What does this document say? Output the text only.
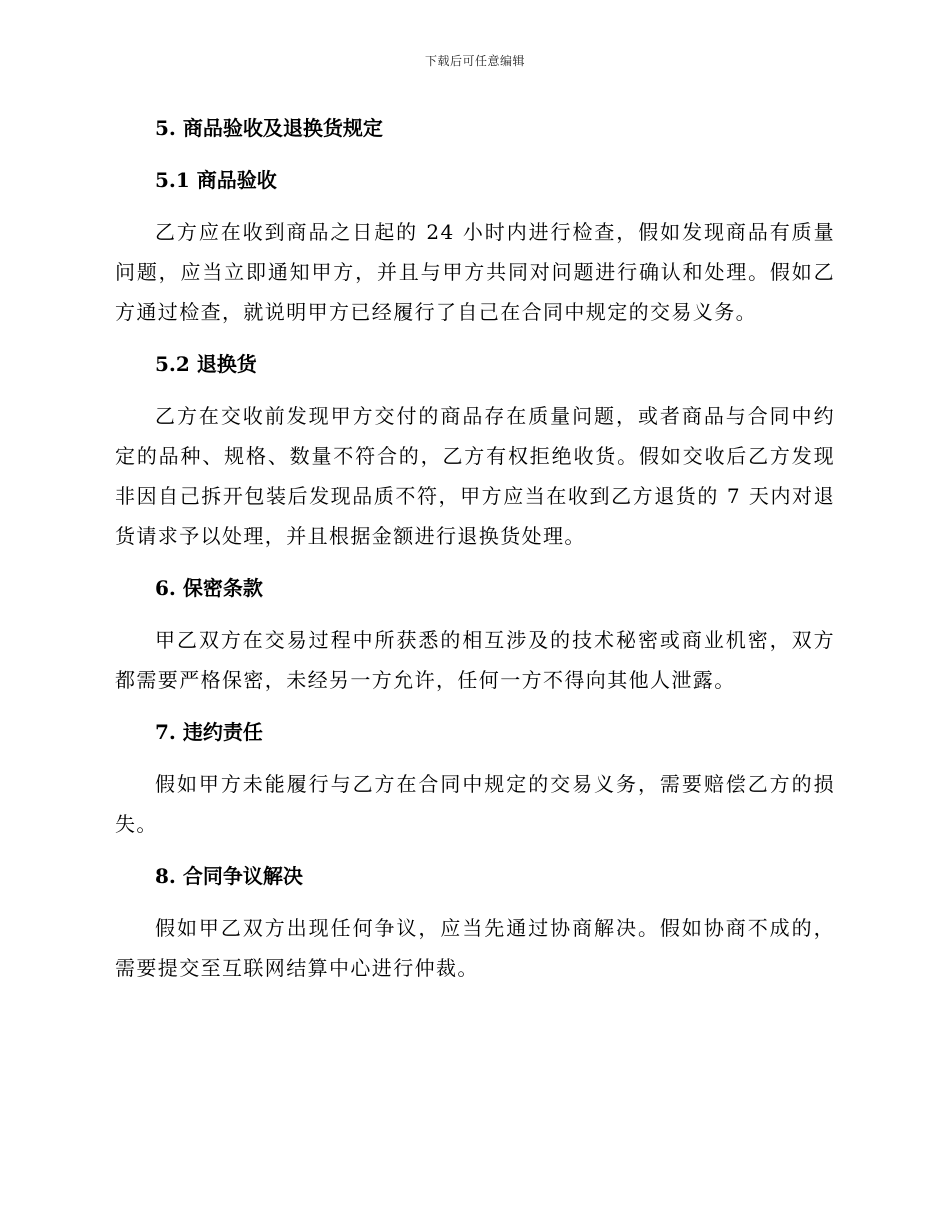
下载后可任意编辑
5. 商品验收及退换货规定
5.1 商品验收

乙方应在收到商品之日起的 24 小时内进行检查，假如发现商品有质量问题，应当立即通知甲方，并且与甲方共同对问题进行确认和处理。假如乙方通过检查，就说明甲方已经履行了自己在合同中规定的交易义务。

5.2 退换货

乙方在交收前发现甲方交付的商品存在质量问题，或者商品与合同中约定的品种、规格、数量不符合的，乙方有权拒绝收货。假如交收后乙方发现非因自己拆开包装后发现品质不符，甲方应当在收到乙方退货的 7 天内对退货请求予以处理，并且根据金额进行退换货处理。

6. 保密条款

甲乙双方在交易过程中所获悉的相互涉及的技术秘密或商业机密，双方都需要严格保密，未经另一方允许，任何一方不得向其他人泄露。

7. 违约责任

假如甲方未能履行与乙方在合同中规定的交易义务，需要赔偿乙方的损失。

8. 合同争议解决

假如甲乙双方出现任何争议，应当先通过协商解决。假如协商不成的，需要提交至互联网结算中心进行仲裁。
